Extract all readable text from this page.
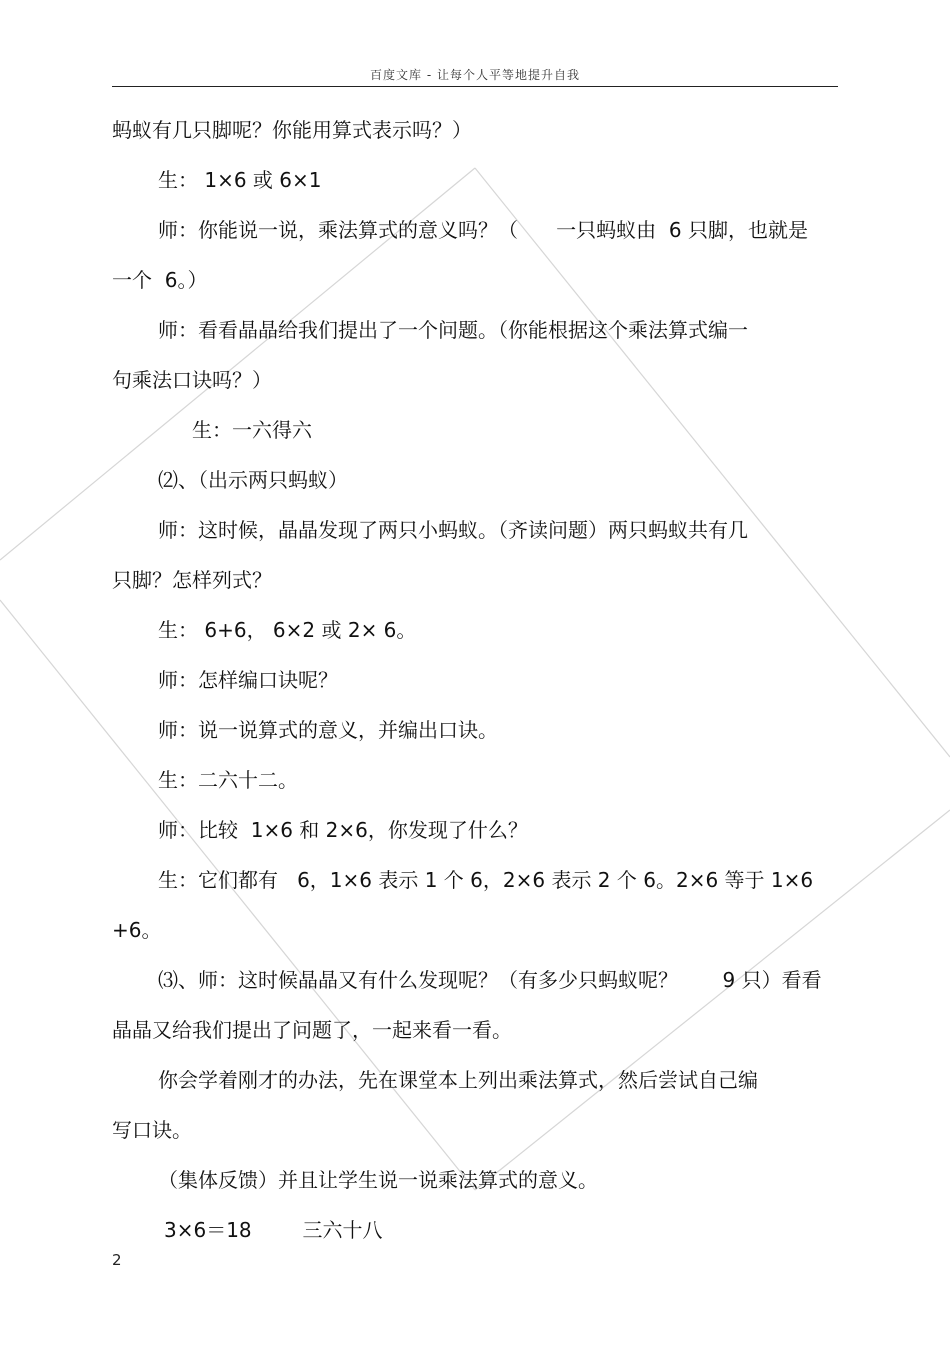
百度文库 - 让每个人平等地提升自我
蚂蚁有几只脚呢？你能用算式表示吗？）
生： 1×6 或 6×1
师：你能说一说，乘法算式的意义吗？（      一只蚂蚁由  6 只脚，也就是
一个  6。）
师：看看晶晶给我们提出了一个问题。（你能根据这个乘法算式编一
句乘法口诀吗？）
生：一六得六
⑵、（出示两只蚂蚁）
师：这时候，晶晶发现了两只小蚂蚁。（齐读问题）两只蚂蚁共有几
只脚？怎样列式？
生： 6+6， 6×2 或 2× 6。
师：怎样编口诀呢？
师：说一说算式的意义，并编出口诀。
生：二六十二。
师：比较  1×6 和 2×6，你发现了什么？
生：它们都有   6，1×6 表示 1 个 6，2×6 表示 2 个 6。2×6 等于 1×6
+6。
⑶、师：这时候晶晶又有什么发现呢？（有多少只蚂蚁呢？       9 只）看看
晶晶又给我们提出了问题了，一起来看一看。
你会学着刚才的办法，先在课堂本上列出乘法算式，然后尝试自己编
写口诀。
（集体反馈）并且让学生说一说乘法算式的意义。
3×6＝18        三六十八
2
